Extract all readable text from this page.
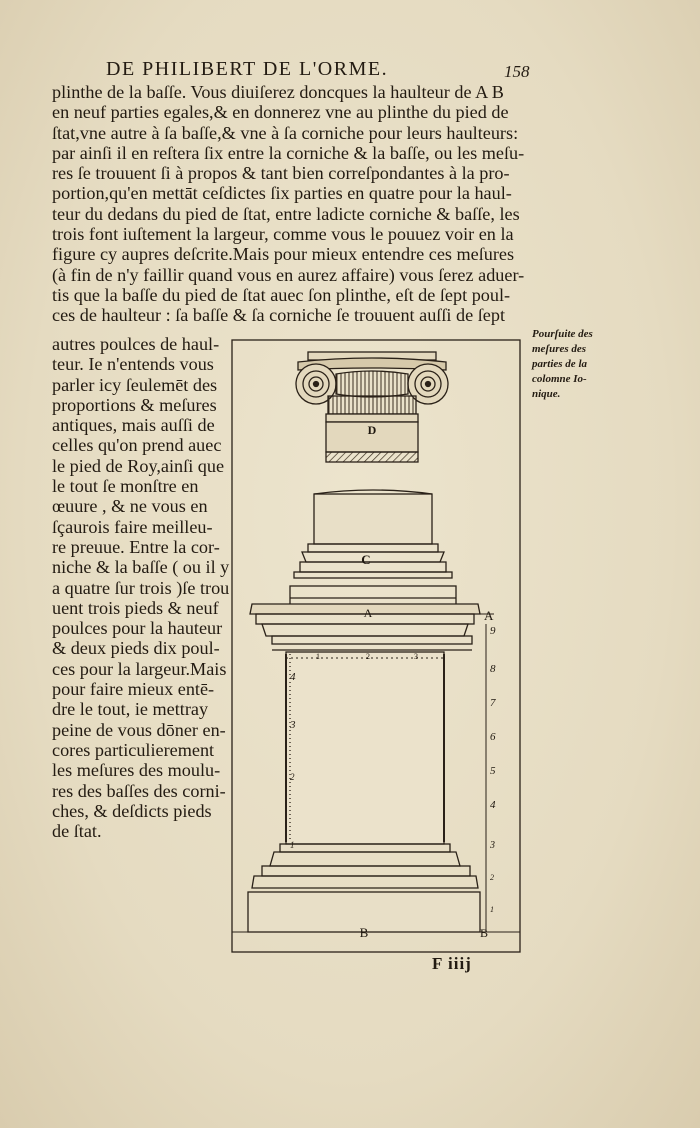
DE PHILIBERT DE L'ORME.	158
plinthe de la baſſe. Vous diuiſerez doncques la haulteur de A B
en neuf parties egales,& en donnerez vne au plinthe du pied de
ſtat,vne autre à ſa baſſe,& vne à ſa corniche pour leurs haulteurs:
par ainſi il en reſtera ſix entre la corniche & la baſſe, ou les meſu-
res ſe trouuent ſi à propos & tant bien correſpondantes à la pro-
portion,qu'en mettāt ceſdictes ſix parties en quatre pour la haul-
teur du dedans du pied de ſtat, entre ladicte corniche & baſſe, les
trois font iuſtement la largeur, comme vous le pouuez voir en la
figure cy aupres deſcrite.Mais pour mieux entendre ces meſures
(à fin de n'y faillir quand vous en aurez affaire) vous ſerez aduer-
tis que la baſſe du pied de ſtat auec ſon plinthe, eſt de ſept poul-
ces de haulteur : ſa baſſe & ſa corniche ſe trouuent auſſi de ſept
autres poulces de haul-
teur. Ie n'entends vous
parler icy ſeulemēt des
proportions & meſures
antiques, mais auſſi de
celles qu'on prend auec
le pied de Roy,ainſi que
le tout ſe monſtre en
œuure , & ne vous en
ſçaurois faire meilleu-
re preuue. Entre la cor-
niche & la baſſe ( ou il y
a quatre ſur trois )ſe trou
uent trois pieds & neuf
poulces pour la hauteur
& deux pieds dix poul-
ces pour la largeur.Mais
pour faire mieux entē-
dre le tout, ie mettray
peine de vous dōner en-
cores particulierement
les meſures des moulu-
res des baſſes des corni-
ches, & deſdicts pieds
de ſtat.
Pourſuite des
meſures des
parties de la
colomne Io-
nique.
D
C
A	A
B	B
1	2	3
4
3
2
1
9
8
7
6
5
4
3
2
1
F iiij
